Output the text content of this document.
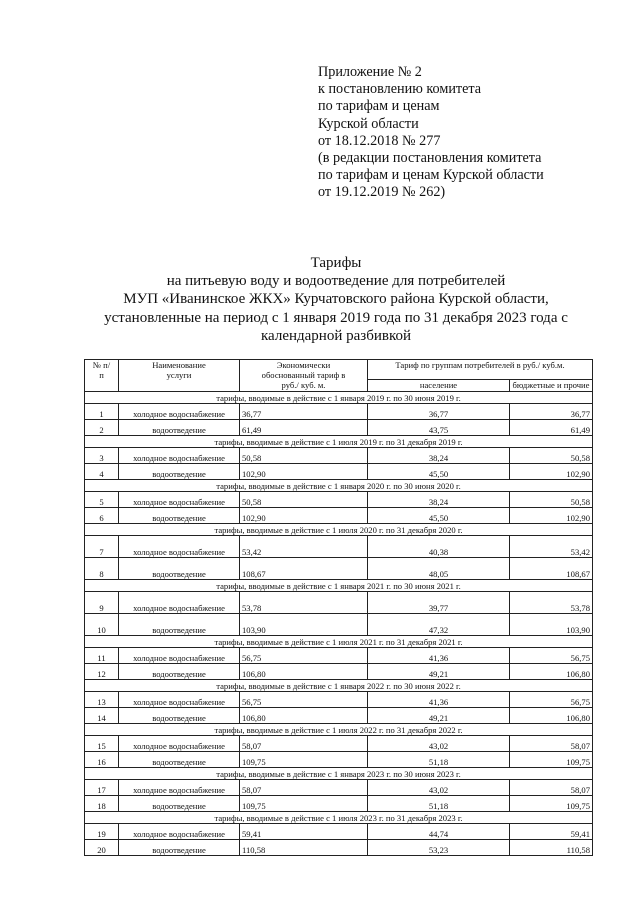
Приложение № 2
к постановлению комитета
по тарифам и ценам
Курской области
от 18.12.2018 № 277
(в редакции постановления комитета
по тарифам и ценам Курской области
от 19.12.2019 № 262)
Тарифы
на питьевую воду и водоотведение для потребителей
МУП «Иванинское ЖКХ» Курчатовского района Курской области,
установленные на период с 1 января 2019 года по 31 декабря 2023 года с
календарной разбивкой
№ п/п	Наименование услуги	Экономически обоснованный тариф в руб./ куб. м.	Тариф по группам потребителей в руб./ куб.м.	

			население	бюджетные и прочие
тарифы, вводимые в действие с 1 января 2019 г. по 30 июня 2019 г.				
1	холодное водоснабжение	36,77	36,77	36,77
2	водоотведение	61,49	43,75	61,49
тарифы, вводимые в действие с 1 июля 2019 г. по 31 декабря 2019 г.				
3	холодное водоснабжение	50,58	38,24	50,58
4	водоотведение	102,90	45,50	102,90
тарифы, вводимые в действие с 1 января 2020 г. по 30 июня 2020 г.				
5	холодное водоснабжение	50,58	38,24	50,58
6	водоотведение	102,90	45,50	102,90
тарифы, вводимые в действие с 1 июля 2020 г. по 31 декабря 2020 г.				
7	холодное водоснабжение	53,42	40,38	53,42
8	водоотведение	108,67	48,05	108,67
тарифы, вводимые в действие с 1 января 2021 г. по 30 июня 2021 г.				
9	холодное водоснабжение	53,78	39,77	53,78
10	водоотведение	103,90	47,32	103,90
тарифы, вводимые в действие с 1 июля 2021 г. по 31 декабря 2021 г.				
11	холодное водоснабжение	56,75	41,36	56,75
12	водоотведение	106,80	49,21	106,80
тарифы, вводимые в действие с 1 января 2022 г. по 30 июня 2022 г.				
13	холодное водоснабжение	56,75	41,36	56,75
14	водоотведение	106,80	49,21	106,80
тарифы, вводимые в действие с 1 июля 2022 г. по 31 декабря 2022 г.				
15	холодное водоснабжение	58,07	43,02	58,07
16	водоотведение	109,75	51,18	109,75
тарифы, вводимые в действие с 1 января 2023 г. по 30 июня 2023 г.				
17	холодное водоснабжение	58,07	43,02	58,07
18	водоотведение	109,75	51,18	109,75
тарифы, вводимые в действие с 1 июля 2023 г. по 31 декабря 2023 г.				
19	холодное водоснабжение	59,41	44,74	59,41
20	водоотведение	110,58	53,23	110,58
